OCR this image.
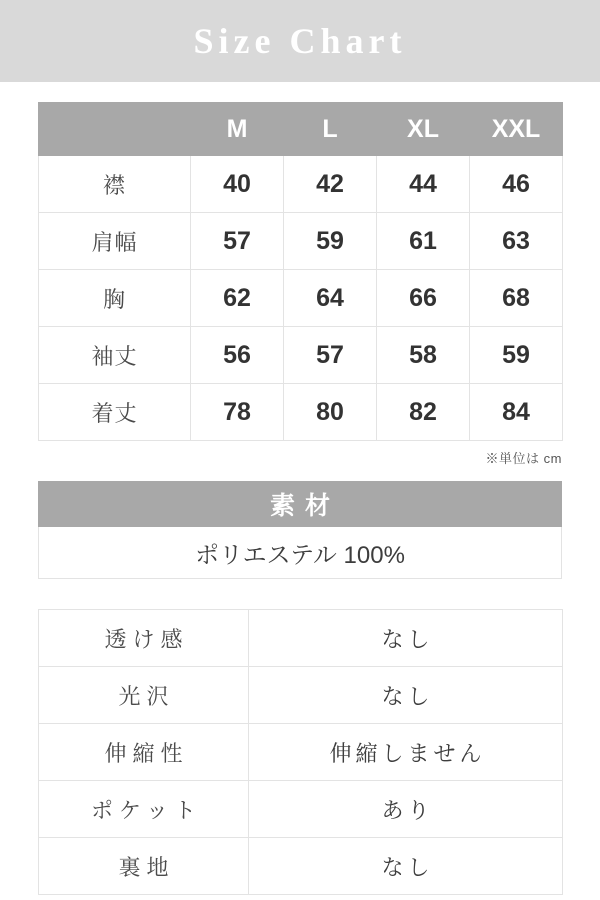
Size Chart
	M	L	XL	XXL
襟	40	42	44	46
肩幅	57	59	61	63
胸	62	64	66	68
袖丈	56	57	58	59
着丈	78	80	82	84
※単位は cm
素材
ポリエステル 100%
透け感	なし
光沢	なし
伸縮性	伸縮しません
ポケット	あり
裏地	なし
